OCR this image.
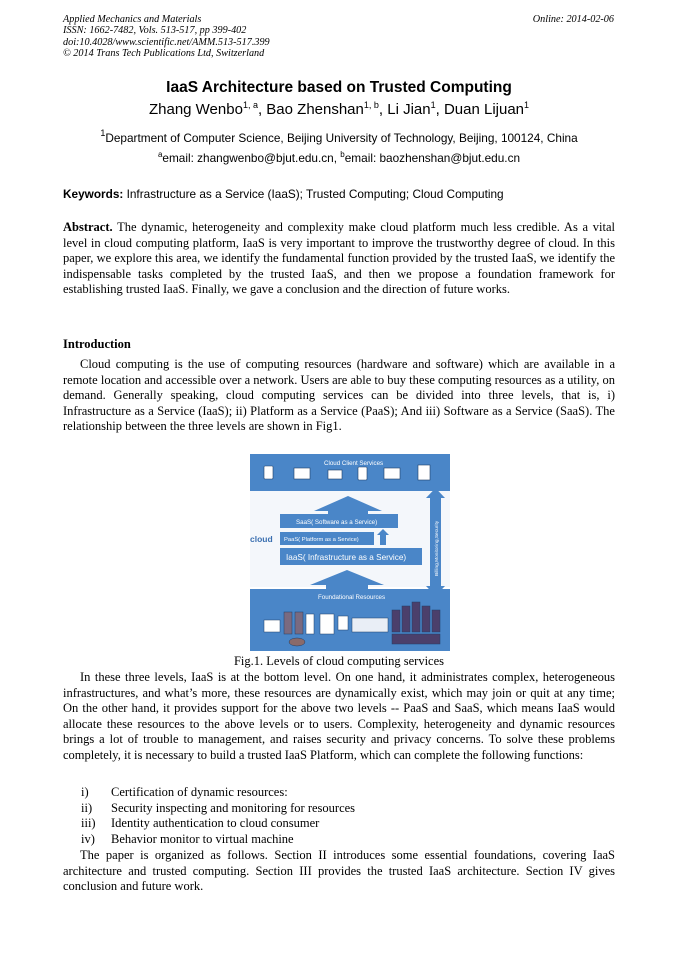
Applied Mechanics and Materials
ISSN: 1662-7482, Vols. 513-517, pp 399-402
doi:10.4028/www.scientific.net/AMM.513-517.399
© 2014 Trans Tech Publications Ltd, Switzerland
Online: 2014-02-06
IaaS Architecture based on Trusted Computing
Zhang Wenbo$^{1, a}$, Bao Zhenshan$^{1, b}$, Li Jian$^1$, Duan Lijuan$^1$
$^1$Department of Computer Science, Beijing University of Technology, Beijing, 100124, China
$^a$email: zhangwenbo@bjut.edu.cn, $^b$email: baozhenshan@bjut.edu.cn
Keywords: Infrastructure as a Service (IaaS); Trusted Computing; Cloud Computing
Abstract. The dynamic, heterogeneity and complexity make cloud platform much less credible. As a vital level in cloud computing platform, IaaS is very important to improve the trustworthy degree of cloud. In this paper, we explore this area, we identify the fundamental function provided by the trusted IaaS, we identify the indispensable tasks completed by the trusted IaaS, and then we propose a foundation framework for establishing trusted IaaS. Finally, we gave a conclusion and the direction of future works.
Introduction
Cloud computing is the use of computing resources (hardware and software) which are available in a remote location and accessible over a network. Users are able to buy these computing resources as a utility, on demand. Generally speaking, cloud computing services can be divided into three levels, that is, i) Infrastructure as a Service (IaaS); ii) Platform as a Service (PaaS); And iii) Software as a Service (SaaS). The relationship between the three levels are shown in Fig1.
Cloud Client Services
SaaS( Software as a Service)
PaaS( Platform as a Service)
IaaS( Infrastructure as a Service)
cloud	Billing,Monitoring,Security
Foundational Resources
Fig.1. Levels of cloud computing services
In these three levels, IaaS is at the bottom level. On one hand, it administrates complex, heterogeneous infrastructures, and what’s more, these resources are dynamically exist, which may join or quit at any time; On the other hand, it provides support for the above two levels -- PaaS and SaaS, which means IaaS would allocate these resources to the above levels or to users. Complexity, heterogeneity and dynamic resources brings a lot of trouble to management, and raises security and privacy concerns. To solve these problems completely, it is necessary to build a trusted IaaS Platform, which can complete the following functions:
i) Certification of dynamic resources:
ii) Security inspecting and monitoring for resources
iii) Identity authentication to cloud consumer
iv) Behavior monitor to virtual machine
The paper is organized as follows. Section II introduces some essential foundations, covering IaaS architecture and trusted computing. Section III provides the trusted IaaS architecture. Section IV gives conclusion and future work.
